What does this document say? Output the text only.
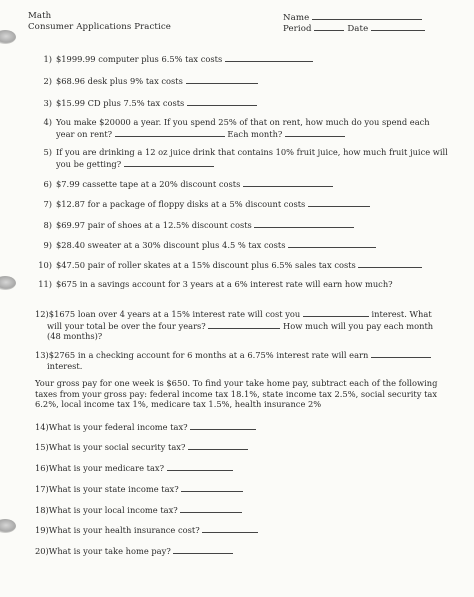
Math
Consumer Applications Practice
Name
Period	Date
1) $1999.99 computer plus 6.5% tax costs
2) $68.96 desk plus 9% tax costs
3) $15.99 CD plus 7.5% tax costs
4) You make $20000 a year. If you spend 25% of that on rent, how much do you spend each
year on rent?	Each month?
5) If you are drinking a 12 oz juice drink that contains 10% fruit juice, how much fruit juice will
you be getting?
6) $7.99 cassette tape at a 20% discount costs
7) $12.87 for a package of floppy disks at a 5% discount costs
8) $69.97 pair of shoes at a 12.5% discount costs
9) $28.40 sweater at a 30% discount plus 4.5 % tax costs
10) $47.50 pair of roller skates at a 15% discount plus 6.5% sales tax costs
11) $675 in a savings account for 3 years at a 6% interest rate will earn how much?
12)$1675 loan over 4 years at a 15% interest rate will cost you	interest. What
will your total be over the four years?	How much will you pay each month
(48 months)?
13)$2765 in a checking account for 6 months at a 6.75% interest rate will earn
interest.
Your gross pay for one week is $650. To find your take home pay, subtract each of the following
taxes from your gross pay: federal income tax 18.1%, state income tax 2.5%, social security tax
6.2%, local income tax 1%, medicare tax 1.5%, health insurance 2%
14)What is your federal income tax?
15)What is your social security tax?
16)What is your medicare tax?
17)What is your state income tax?
18)What is your local income tax?
19)What is your health insurance cost?
20)What is your take home pay?
